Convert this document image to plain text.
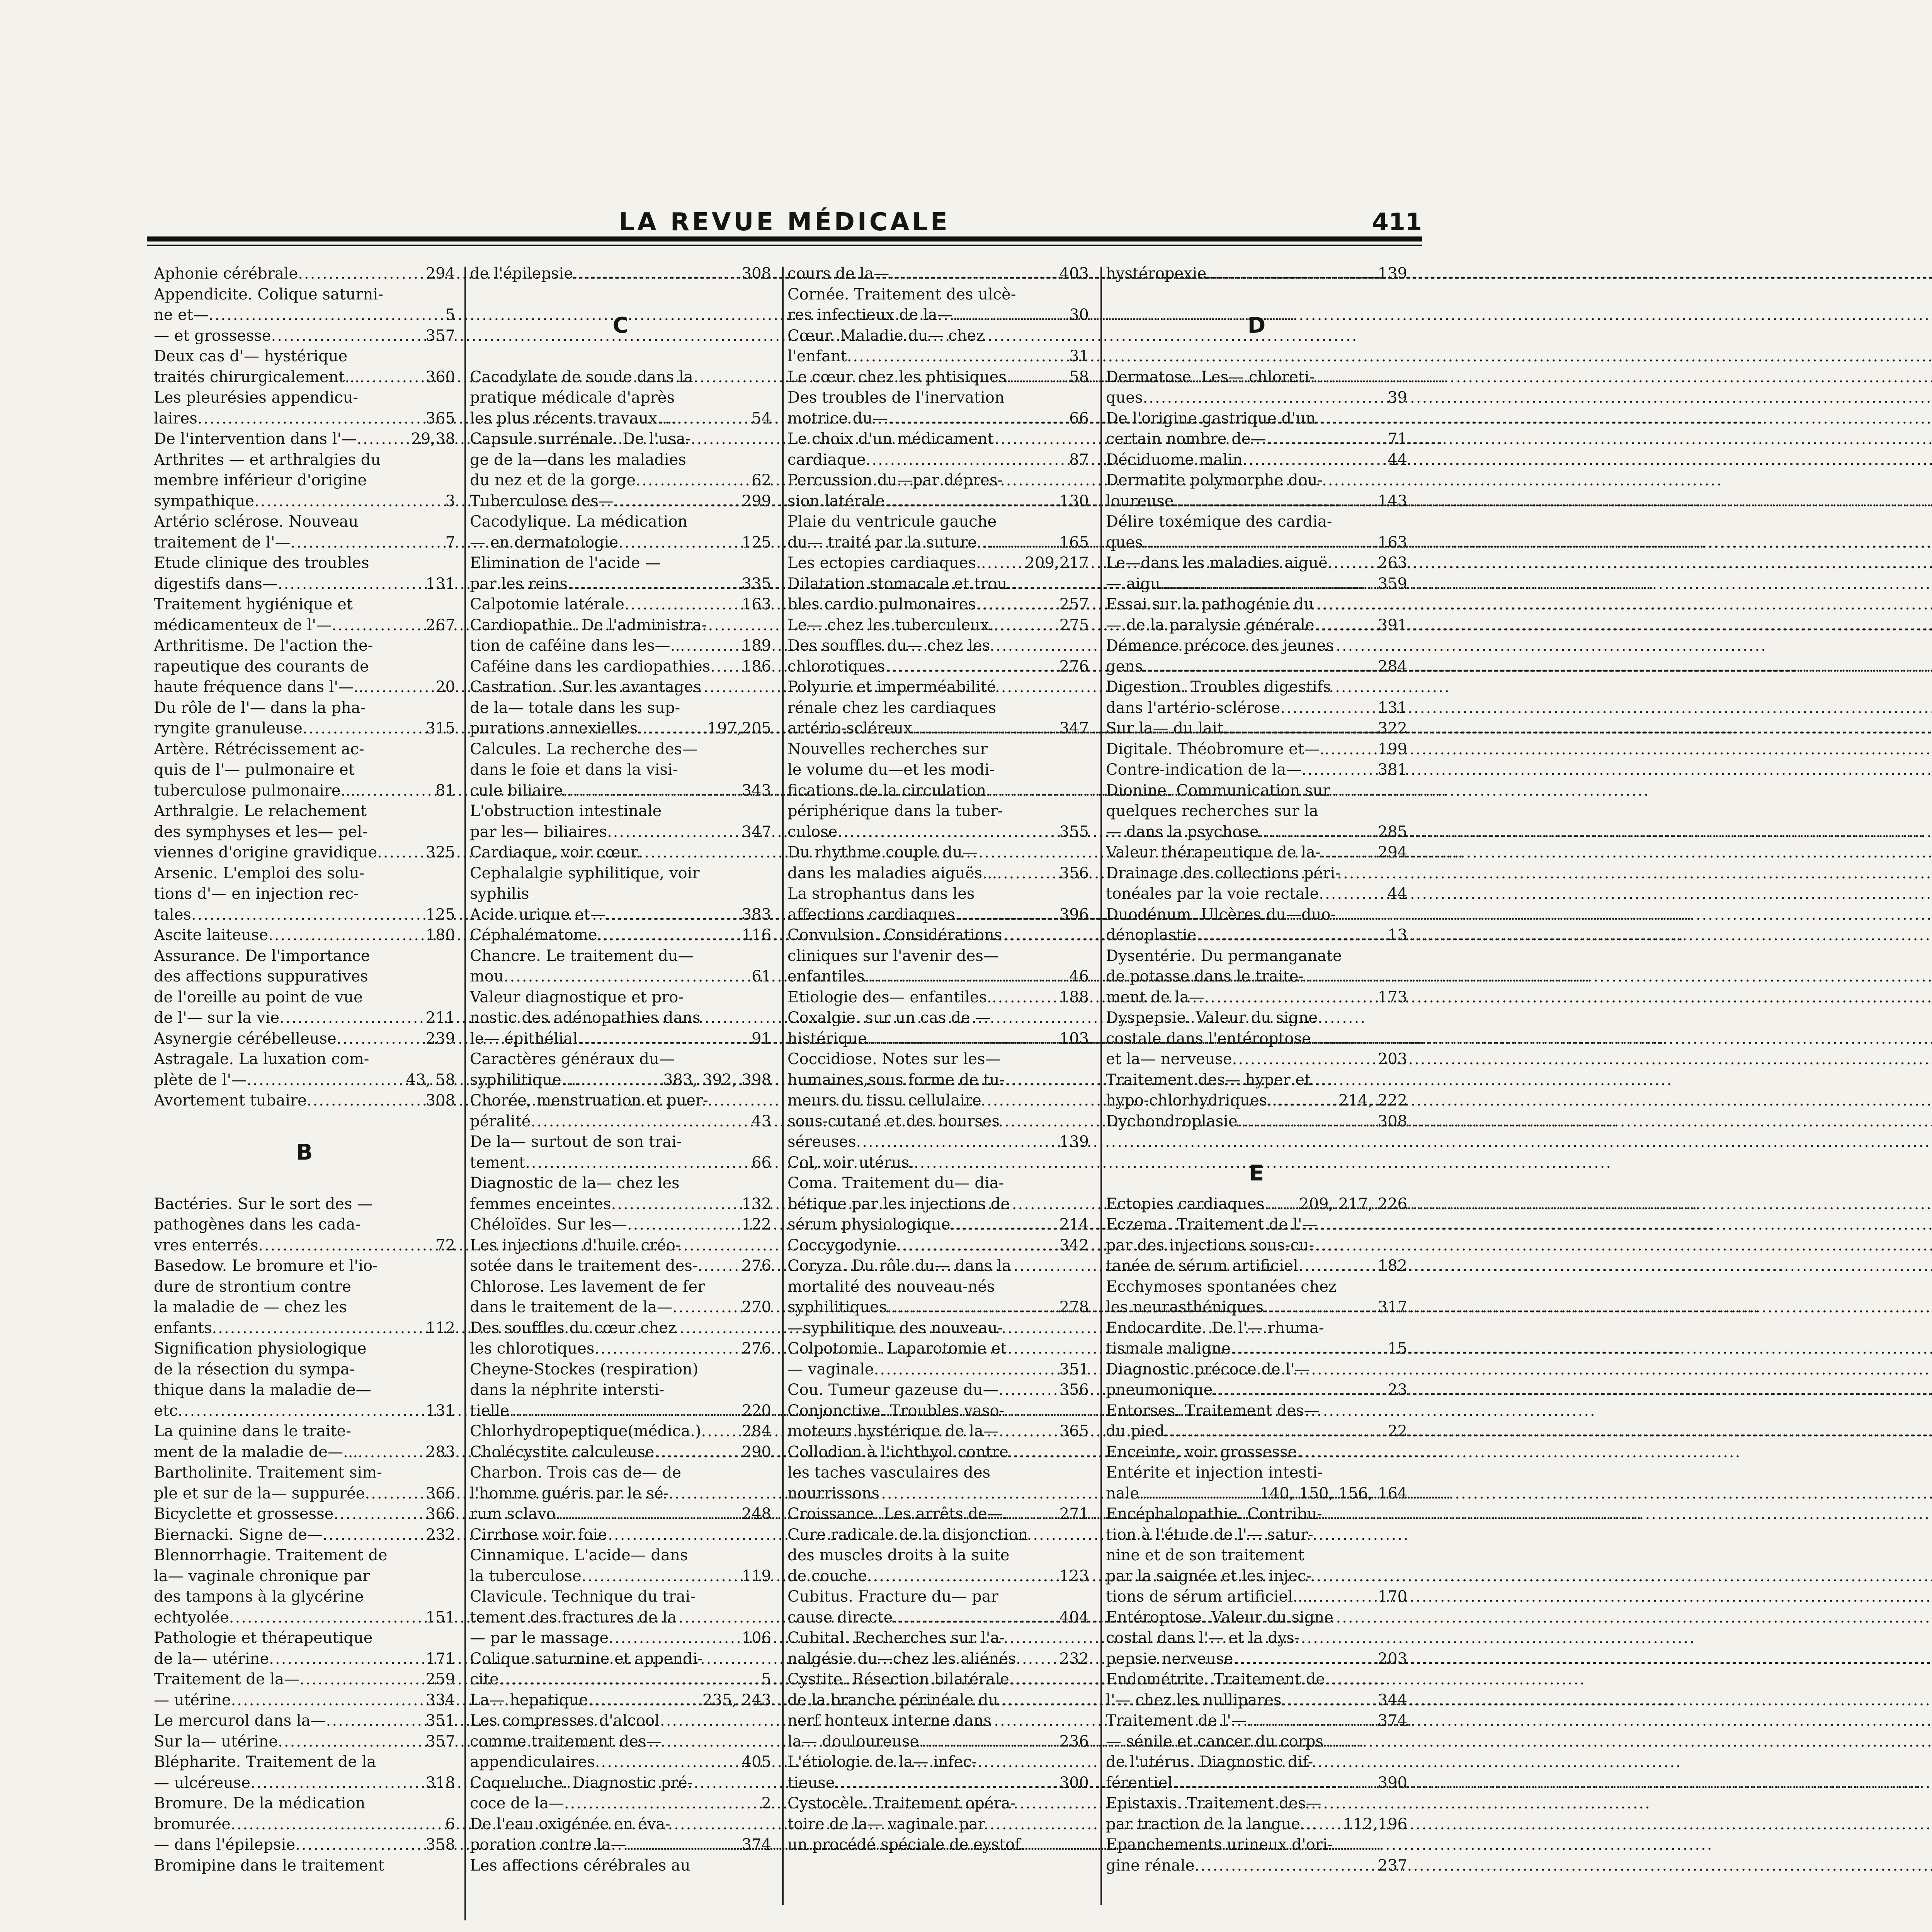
LA REVUE MÉDICALE	411
Aphonie cérébrale .....	294
Appendicite. Colique saturni-
ne et— .....	5
— et grossesse .....	357
Deux cas d'— hystérique
traités chirurgicalement... .....	360
Les pleurésies appendicu-
laires .....	365
De l'intervention dans l'— .....	29,38
Arthrites — et arthralgies du
membre inférieur d'origine
sympathique .....	3
Artério sclérose. Nouveau
traitement de l'— .....	7
Etude clinique des troubles
digestifs dans— .....	131
Traitement hygiénique et
médicamenteux de l'— .....	267
Arthritisme. De l'action the-
rapeutique des courants de
haute fréquence dans l'—.. .....	20
Du rôle de l'— dans la pha-
ryngite granuleuse .....	315
Artère. Rétrécissement ac-
quis de l'— pulmonaire et
tuberculose pulmonaire.... .....	81
Arthralgie. Le relachement
des symphyses et les— pel-
viennes d'origine gravidique .....	325
Arsenic. L'emploi des solu-
tions d'— en injection rec-
tales .....	125
Ascite laiteuse .....	180
Assurance. De l'importance
des affections suppuratives
de l'oreille au point de vue
de l'— sur la vie .....	211
Asynergie cérébelleuse .....	239
Astragale. La luxation com-
plète de l'— .....	43, 58
Avortement tubaire .....	308
B
Bactéries. Sur le sort des —
pathogènes dans les cada-
vres enterrés .....	72
Basedow. Le bromure et l'io-
dure de strontium contre
la maladie de — chez les
enfants .....	112
Signification physiologique
de la résection du sympa-
thique dans la maladie de—
etc .....	131
La quinine dans le traite-
ment de la maladie de—... .....	283
Bartholinite. Traitement sim-
ple et sur de la— suppurée .....	366
Bicyclette et grossesse .....	366
Biernacki. Signe de— .....	232
Blennorrhagie. Traitement de
la— vaginale chronique par
des tampons à la glycérine
echtyolée .....	151
Pathologie et thérapeutique
de la— utérine .....	171
Traitement de la— .....	259
— utérine .....	334
Le mercurol dans la— .....	351
Sur la— utérine .....	357
Blépharite. Traitement de la
— ulcéreuse .....	318
Bromure. De la médication
bromurée .....	6
— dans l'épilepsie .....	358
Bromipine dans le traitement
de l'épilepsie .....	308
C
Cacodylate de soude dans la
pratique médicale d'après
les plus récents travaux.... .....	54
Capsule surrénale. De l'usa-
ge de la—dans les maladies
du nez et de la gorge .....	62
Tuberculose des— .....	299
Cacodylique. La médication
— en dermatologie .....	125
Elimination de l'acide —
par les reins .....	335
Calpotomie latérale .....	163
Cardiopathie. De l'administra-
tion de caféine dans les—.. .....	189
Caféine dans les cardiopathies ..... 186
Castration. Sur les avantages
de la— totale dans les sup-
purations annexielles.. .....	197,205
Calcules. La recherche des—
dans le foie et dans la visi-
cule biliaire .....	343
L'obstruction intestinale
par les— biliaires .....	347
Cardiaque, voir cœur.
Cephalalgie syphilitique, voir
syphilis
Acide urique et— .....	383
Céphalématome .....	116
Chancre. Le traitement du—
mou .....	61
Valeur diagnostique et pro-
nostic des adénopathies dans
le— épithélial .....	91
Caractères généraux du—
syphilitique..... .....	383, 392, 398
Chorée, menstruation et puer-
péralité .....	43
De la— surtout de son trai-
tement .....	66
Diagnostic de la— chez les
femmes enceintes .....	132
Chéloïdes. Sur les— .....	122
Les injections d'huile créo-
sotée dans le traitement des- .....	276
Chlorose. Les lavement de fer
dans le traitement de la— .....	270
Des souffles du cœur chez
les chlorotiques .....	276
Cheyne-Stockes (respiration)
dans la néphrite intersti-
tielle .....	220
Chlorhydropeptique(médica.) .....	284
Cholécystite calculeuse .....	290
Charbon. Trois cas de— de
l'homme guéris par le sé-
rum sclavo .....	248
Cirrhose voir foie
Cinnamique. L'acide— dans
la tuberculose .....	119
Clavicule. Technique du trai-
tement des fractures de la
— par le massage .....	106
Colique saturnine et appendi-
cite .....	5
La— hepatique .....	235, 243
Les compresses d'alcool
comme traitement des—
appendiculaires .....	405
Coqueluche. Diagnostic pré-
coce de la— .....	2
De l'eau oxigénée en éva-
poration contre la— .....	374
Les affections cérébrales au
cours de la— .....	403
Cornée. Traitement des ulcè-
res infectieux de la— .....	30
Cœur. Maladie du— chez
l'enfant .....	31
Le cœur chez les phtisiques .....	58
Des troubles de l'inervation
motrice du— .....	66
Le choix d'un médicament
cardiaque .....	87
Percussion du—par dépres-
sion latérale .....	130
Plaie du ventricule gauche
du— traité par la suture... .....	165
Les ectopies cardiaques. .....	209,217
Dilatation stomacale et trou
bles cardio pulmonaires .....	257
Le— chez les tuberculeux. .....	275
Des souffles du— chez les
chlorotiques .....	276
Polyurie et imperméabilité
rénale chez les cardiaques
artério-scléreux .....	347
Nouvelles recherches sur
le volume du—et les modi-
fications de la circulation
périphérique dans la tuber-
culose .....	355
Du rhythme couple du—
dans les maladies aiguës... .....	356
La strophantus dans les
affections cardiaques .....	396
Convulsion. Considérations
cliniques sur l'avenir des—
enfantiles .....	46
Etiologie des— enfantiles. .....	188
Coxalgie. sur un cas de —
histérique .....	103
Coccidiose. Notes sur les—
humaines,sous forme de tu-
meurs du tissu cellulaire
sous-cutané et des bourses
séreuses .....	139
Col, voir utérus.
Coma. Traitement du— dia-
bétique par les injections de
sérum physiologique .....	214
Coccygodynie .....	342
Coryza. Du rôle du— dans la
mortalité des nouveau-nés
syphilitiques .....	278
—syphilitique des nouveau-
Colpotomie. Laparotomie et
— vaginale .....	351
Cou. Tumeur gazeuse du— .....	356
Conjonctive. Troubles vaso-
moteurs hystérique de la— .....	365
Collodion à l'ichthyol contre
les taches vasculaires des
nourrissons
Croissance. Les arrêts de—. .....	271
Cure radicale de la disjonction
des muscles droits à la suite
de couche .....	123
Cubitus. Fracture du— par
cause directe .....	404
Cubital. Recherches sur l'a-
nalgésie du—chez les aliénés .....	232
Cystite. Résection bilatérale
de la branche périnéale du
nerf honteux interne dans
la— douloureuse .....	236
L'étiologie de la— infec-
tieuse .....	300
Cystocèle. Traitement opéra-
toire de la— vaginale par
un procédé spéciale de eystof.
hystéropexie .....	139
D
Dermatose. Les— chloreti-
ques .....	39
De l'origine gastrique d'un
certain nombre de— .....	71
Déciduome malin .....	44
Dermatite polymorphe dou-
loureuse .....	143
Délire toxémique des cardia-
ques .....	163
Le—dans les maladies aiguë .....	263
— aigu .....	359
Essai sur la pathogénie du
— de la paralysie générale .....	391
Démence précoce des jeunes
gens .....	284
Digestion. Troubles digestifs
dans l'artério-sclérose .....	131
Sur la— du lait .....	322
Digitale. Théobromure et—. .....	199
Contre-indication de la— .....	381
Dionine. Communication sur
quelques recherches sur la
— dans la psychose .....	285
Valeur thérapeutique de la- .....	294
Drainage des collections péri-
tonéales par la voie rectale .....	44
Duodénum. Ulcères du—duo-
dénoplastie .....	13
Dysentérie. Du permanganate
de potasse dans le traite-
ment de la— .....	173
Dyspepsie. Valeur du signe
costale dans l'entéroptose
et la— nerveuse .....	203
Traitement des— hyper et
hypo-chlorhydriques.. .....	214, 222
Dychondroplasie .....	308
E
Ectopies cardiaques ..... 209, 217, 226
Eczema. Traitement de l'—
par des injections sous-cu-
tanée de sérum artificiel .....	182
Ecchymoses spontanées chez
les neurasthéniques .....	317
Endocardite. De l'— rhuma-
tismale maligne .....	15
Diagnostic précoce de l'—
pneumonique .....	23
Entorses. Traitement des—
du pied .....	22
Enceinte, voir grossesse.
Entérite et injection intesti-
nale .....	140, 150, 156, 164
Encéphalopathie. Contribu-
tion à l'étude de l'— satur-
nine et de son traitement
par la saignée et les injec-
tions de sérum artificiel.... .....	170
Entéroptose. Valeur du signe
costal dans l'— et la dys-
pepsie nerveuse .....	203
Endométrite. Traitement de
l'— chez les nullipares .....	344
Traitement de l'— .....	374
— sénile et cancer du corps
de l'utérus. Diagnostic dif-
férentiel .....	390
Epistaxis. Traitement des—
par traction de la langue .....	112,196
Epanchements urineux d'ori-
gine rénale .....	237
